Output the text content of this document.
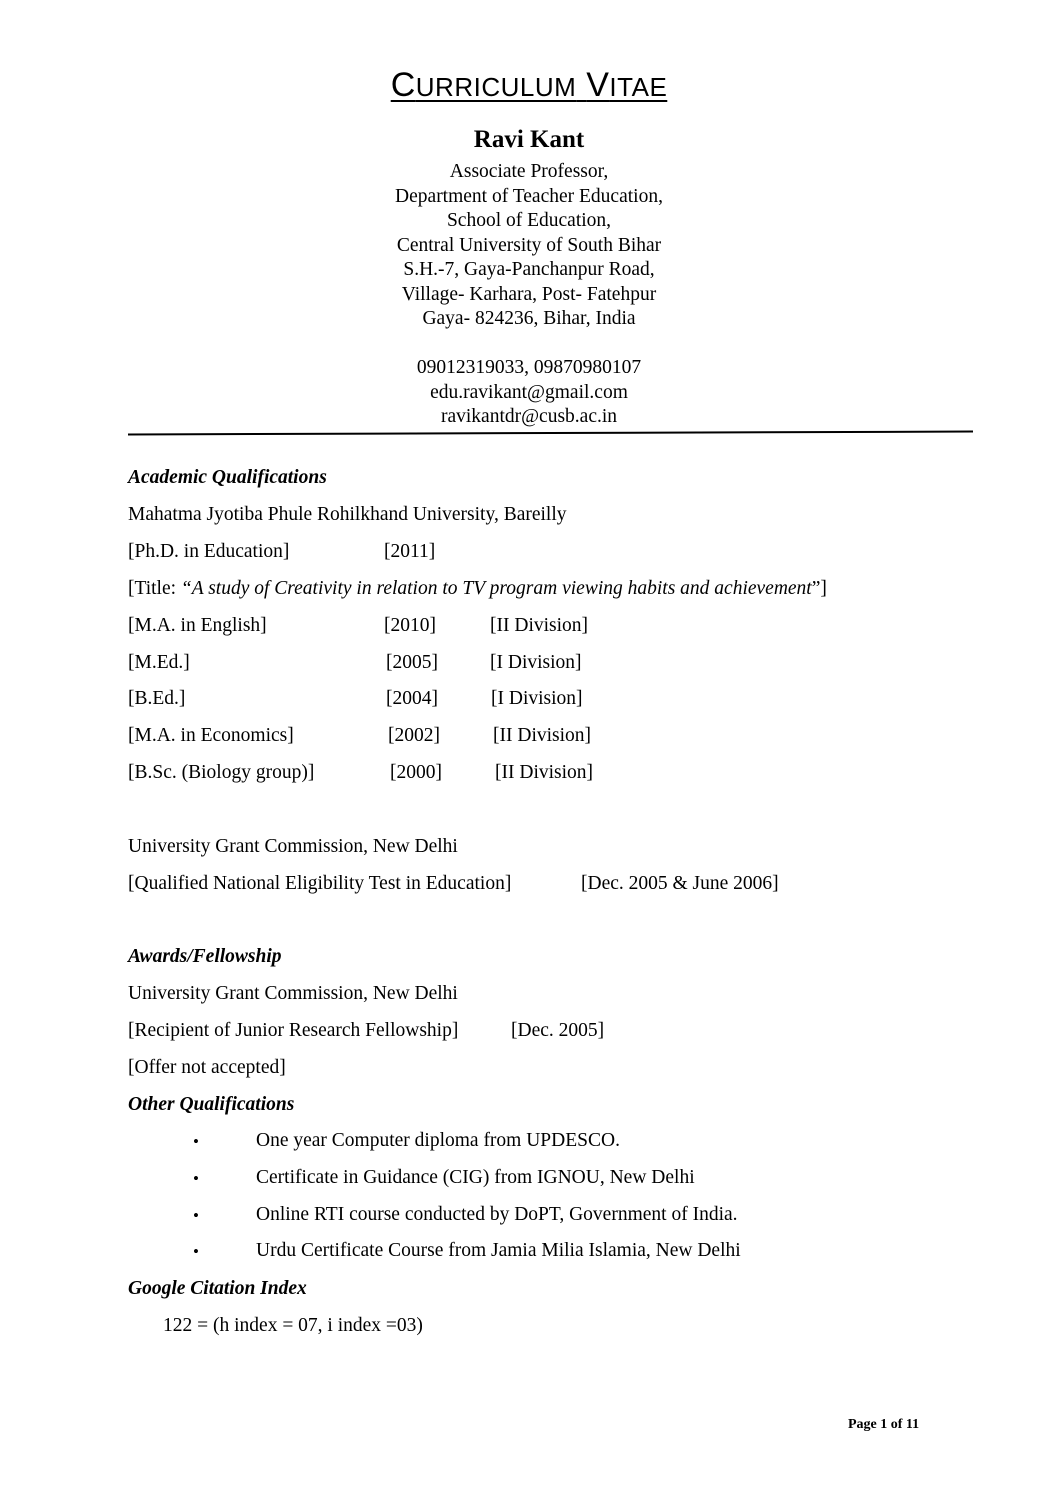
CURRICULUM VITAE
Ravi Kant
Associate Professor,
Department of Teacher Education,
School of Education,
Central University of South Bihar
S.H.-7, Gaya-Panchanpur Road,
Village- Karhara, Post- Fatehpur
Gaya- 824236, Bihar, India
09012319033, 09870980107
edu.ravikant@gmail.com
ravikantdr@cusb.ac.in
Academic Qualifications
Mahatma Jyotiba Phule Rohilkhand University, Bareilly
[Ph.D. in Education]	[2011]
[Title: “A study of Creativity in relation to TV program viewing habits and achievement”]
[M.A. in English]	[2010]	[II Division]
[M.Ed.]	[2005]	[I Division]
[B.Ed.]	[2004]	[I Division]
[M.A. in Economics]	[2002]	[II Division]
[B.Sc. (Biology group)]	[2000]	[II Division]
University Grant Commission, New Delhi
[Qualified National Eligibility Test in Education]	[Dec. 2005 & June 2006]
Awards/Fellowship
University Grant Commission, New Delhi
[Recipient of Junior Research Fellowship]	[Dec. 2005]
[Offer not accepted]
Other Qualifications
•	One year Computer diploma from UPDESCO.
•	Certificate in Guidance (CIG) from IGNOU, New Delhi
•	Online RTI course conducted by DoPT, Government of India.
•	Urdu Certificate Course from Jamia Milia Islamia, New Delhi
Google Citation Index
122 = (h index = 07, i index =03)
Page 1 of 11
